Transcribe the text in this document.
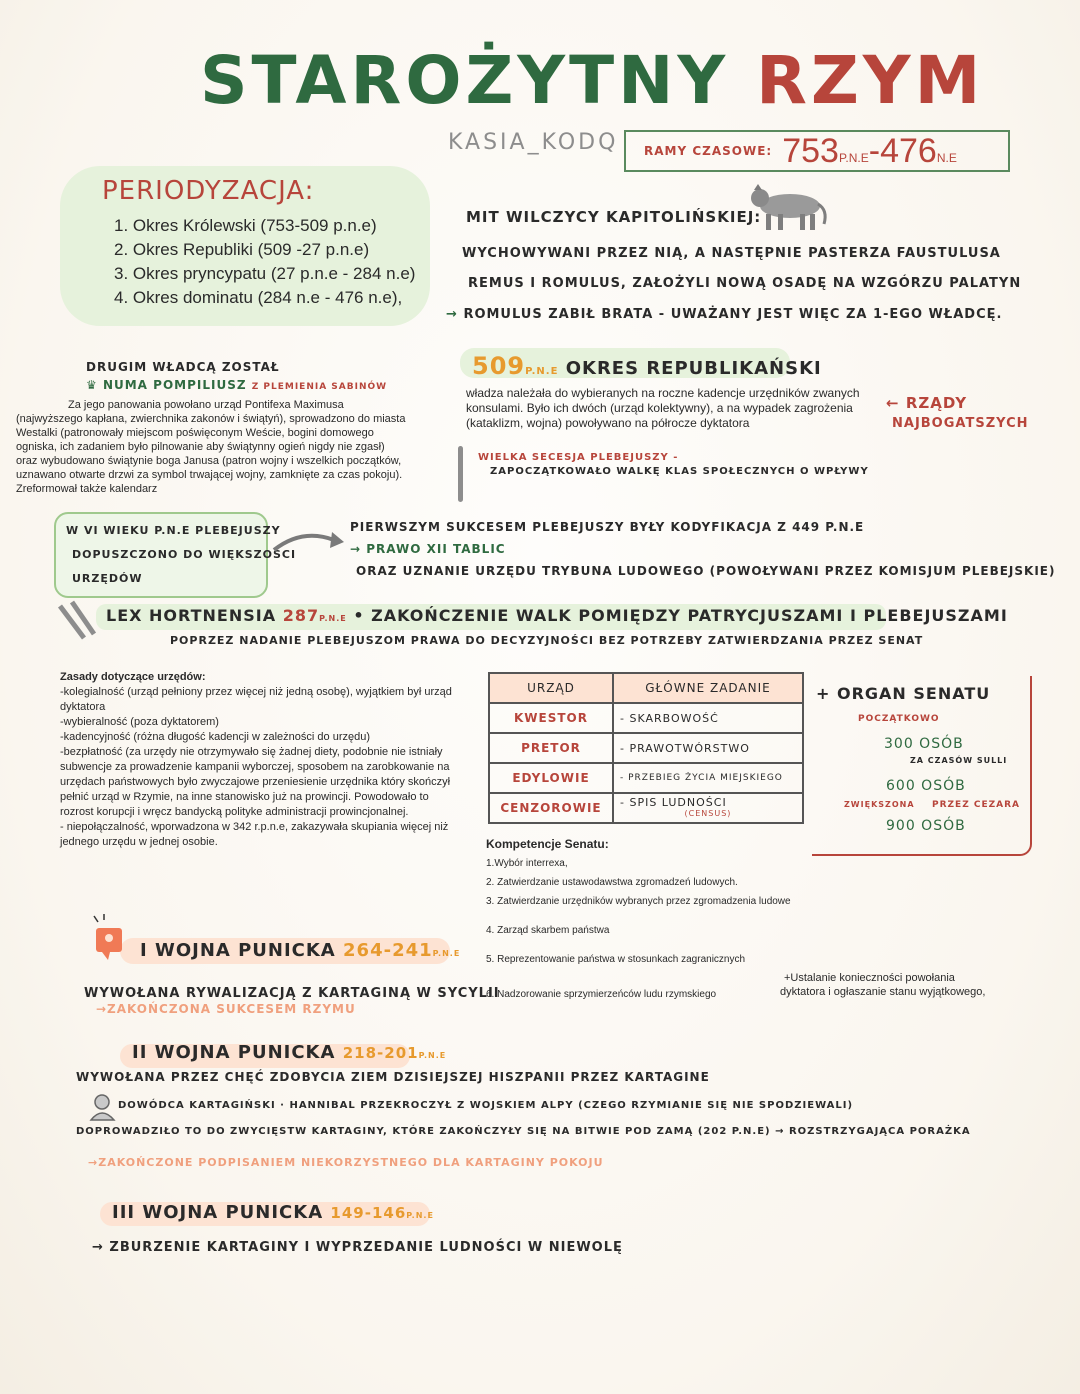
STAROŻYTNY RZYM
KASIA_KODQ RAMY CZASOWE: 753P.N.E-476N.E
PERIODYZACJA:
1. Okres Królewski (753-509 p.n.e)
2. Okres Republiki (509 -27 p.n.e)
3. Okres pryncypatu (27 p.n.e - 284 n.e)
4. Okres dominatu (284 n.e - 476 n.e),
MIT WILCZYCY KAPITOLIŃSKIEJ:
WYCHOWYWANI PRZEZ NIĄ, A NASTĘPNIE PASTERZA FAUSTULUSA
REMUS I ROMULUS, ZAŁOŻYLI NOWĄ OSADĘ NA WZGÓRZU PALATYN
→ ROMULUS ZABIŁ BRATA - UWAŻANY JEST WIĘC ZA 1-EGO WŁADCĘ.
DRUGIM WŁADCĄ ZOSTAŁ
♛ NUMA POMPILIUSZ Z PLEMIENIA SABINÓW
Za jego panowania powołano urząd Pontifexa Maximusa (najwyższego kapłana, zwierchnika zakonów i świątyń), sprowadzono do miasta Westalki (patronowały miejscom poświęconym Weście, bogini domowego ogniska, ich zadaniem było pilnowanie aby świątynny ogień nigdy nie zgasł) oraz wybudowano świątynie boga Janusa (patron wojny i wszelkich początków, uznawano otwarte drzwi za symbol trwającej wojny, zamknięte za czas pokoju). Zreformował także kalendarz
509P.N.E OKRES REPUBLIKAŃSKI
władza należała do wybieranych na roczne kadencje urzędników zwanych konsulami. Było ich dwóch (urząd kolektywny), a na wypadek zagrożenia (kataklizm, wojna) powoływano na półrocze dyktatora
← RZĄDY
NAJBOGATSZYCH
WIELKA SECESJA PLEBEJUSZY -
ZAPOCZĄTKOWAŁO WALKĘ KLAS SPOŁECZNYCH O WPŁYWY
W VI WIEKU P.N.E PLEBEJUSZY
DOPUSZCZONO DO WIĘKSZOŚCI
URZĘDÓW
PIERWSZYM SUKCESEM PLEBEJUSZY BYŁY KODYFIKACJA Z 449 P.N.E
→ PRAWO XII TABLIC
ORAZ UZNANIE URZĘDU TRYBUNA LUDOWEGO (POWOŁYWANI PRZEZ KOMISJUM PLEBEJSKIE)
LEX HORTNENSIA 287P.N.E • ZAKOŃCZENIE WALK POMIĘDZY PATRYCJUSZAMI I PLEBEJUSZAMI
POPRZEZ NADANIE PLEBEJUSZOM PRAWA DO DECYZYJNOŚCI BEZ POTRZEBY ZATWIERDZANIA PRZEZ SENAT
Zasady dotyczące urzędów:
-kolegialność (urząd pełniony przez więcej niż jedną osobę), wyjątkiem był urząd dyktatora
-wybieralność (poza dyktatorem)
-kadencyjność (różna długość kadencji w zależności do urzędu)
-bezpłatność (za urzędy nie otrzymywało się żadnej diety, podobnie nie istniały subwencje za prowadzenie kampanii wyborczej, sposobem na zarobkowanie na urzędach państwowych było zwyczajowe przeniesienie urzędnika który skończył pełnić urząd w Rzymie, na inne stanowisko już na prowincji. Powodowało to rozrost korupcji i wręcz bandycką polityke administracji prowincjonalnej.
- niepołączalność, wporwadzona w 342 r.p.n.e, zakazywała skupiania więcej niż jednego urzędu w jednej osobie.
URZĄD	GŁÓWNE ZADANIE
KWESTOR	- SKARBOWOŚĆ
PRETOR	- PRAWOTWÓRSTWO
EDYLOWIE	- PRZEBIEG ŻYCIA MIEJSKIEGO
CENZOROWIE	- SPIS LUDNOŚCI
(CENSUS)
+ ORGAN SENATU
POCZĄTKOWO
300 OSÓB
ZA CZASÓW SULLI
600 OSÓB
ZWIĘKSZONA PRZEZ CEZARA
900 OSÓB
Kompetencje Senatu:
1.Wybór interrexa,
2. Zatwierdzanie ustawodawstwa zgromadzeń ludowych.
3. Zatwierdzanie urzędników wybranych przez zgromadzenia ludowe
4. Zarząd skarbem państwa
5. Reprezentowanie państwa w stosunkach zagranicznych
6. Nadzorowanie sprzymierzeńców ludu rzymskiego
+Ustalanie konieczności powołania
dyktatora i ogłaszanie stanu wyjątkowego,
I WOJNA PUNICKA 264-241P.N.E
WYWOŁANA RYWALIZACJĄ Z KARTAGINĄ W SYCYLII
→ZAKOŃCZONA SUKCESEM RZYMU
II WOJNA PUNICKA 218-201P.N.E
WYWOŁANA PRZEZ CHĘĆ ZDOBYCIA ZIEM DZISIEJSZEJ HISZPANII PRZEZ KARTAGINE
DOWÓDCA KARTAGIŃSKI · HANNIBAL PRZEKROCZYŁ Z WOJSKIEM ALPY (CZEGO RZYMIANIE SIĘ NIE SPODZIEWALI)
DOPROWADZIŁO TO DO ZWYCIĘSTW KARTAGINY, KTÓRE ZAKOŃCZYŁY SIĘ NA BITWIE POD ZAMĄ (202 P.N.E) → ROZSTRZYGAJĄCA PORAŻKA
→ZAKOŃCZONE PODPISANIEM NIEKORZYSTNEGO DLA KARTAGINY POKOJU
III WOJNA PUNICKA 149-146P.N.E
→ ZBURZENIE KARTAGINY I WYPRZEDANIE LUDNOŚCI W NIEWOLĘ
